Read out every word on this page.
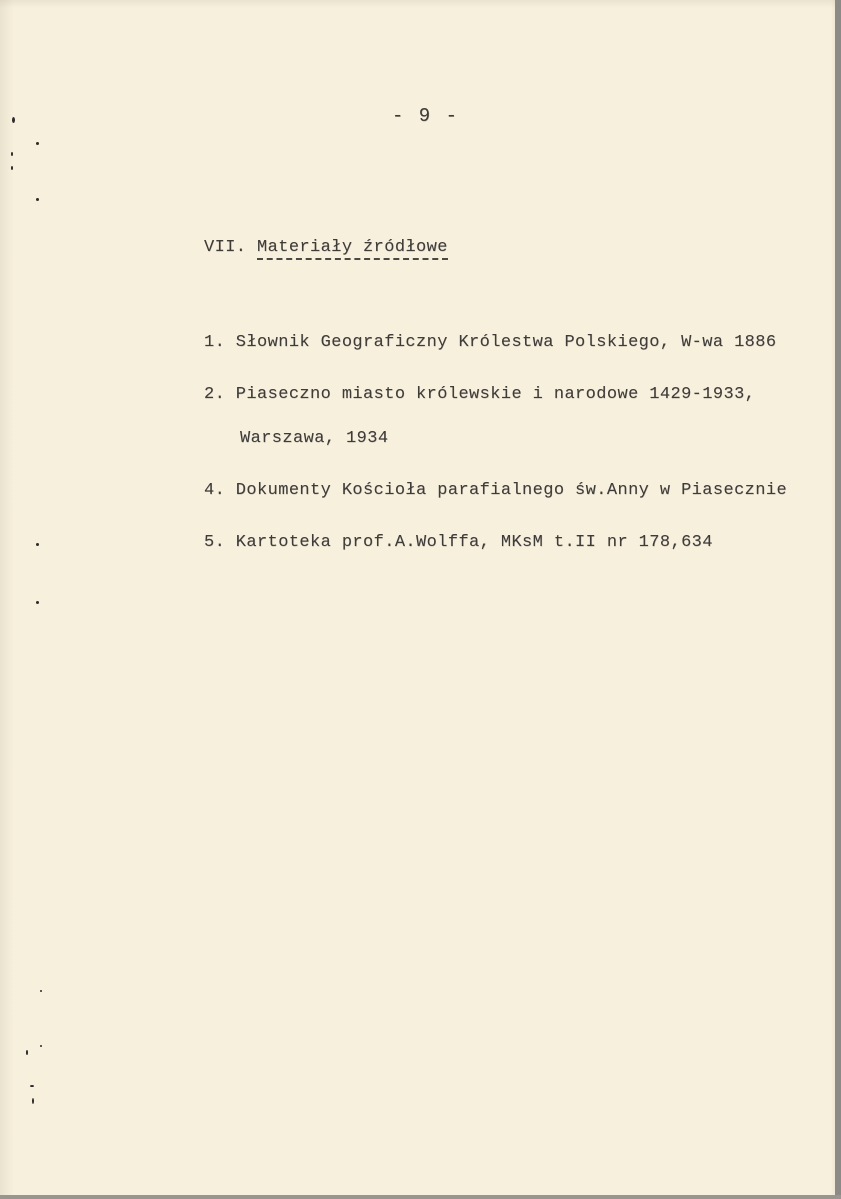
- 9 -
VII. Materiały źródłowe
1. Słownik Geograficzny Królestwa Polskiego, W-wa 1886
2. Piaseczno miasto królewskie i narodowe 1429-1933,
Warszawa, 1934
4. Dokumenty Kościoła parafialnego św.Anny w Piasecznie
5. Kartoteka prof.A.Wolffa, MKsM t.II nr 178,634
